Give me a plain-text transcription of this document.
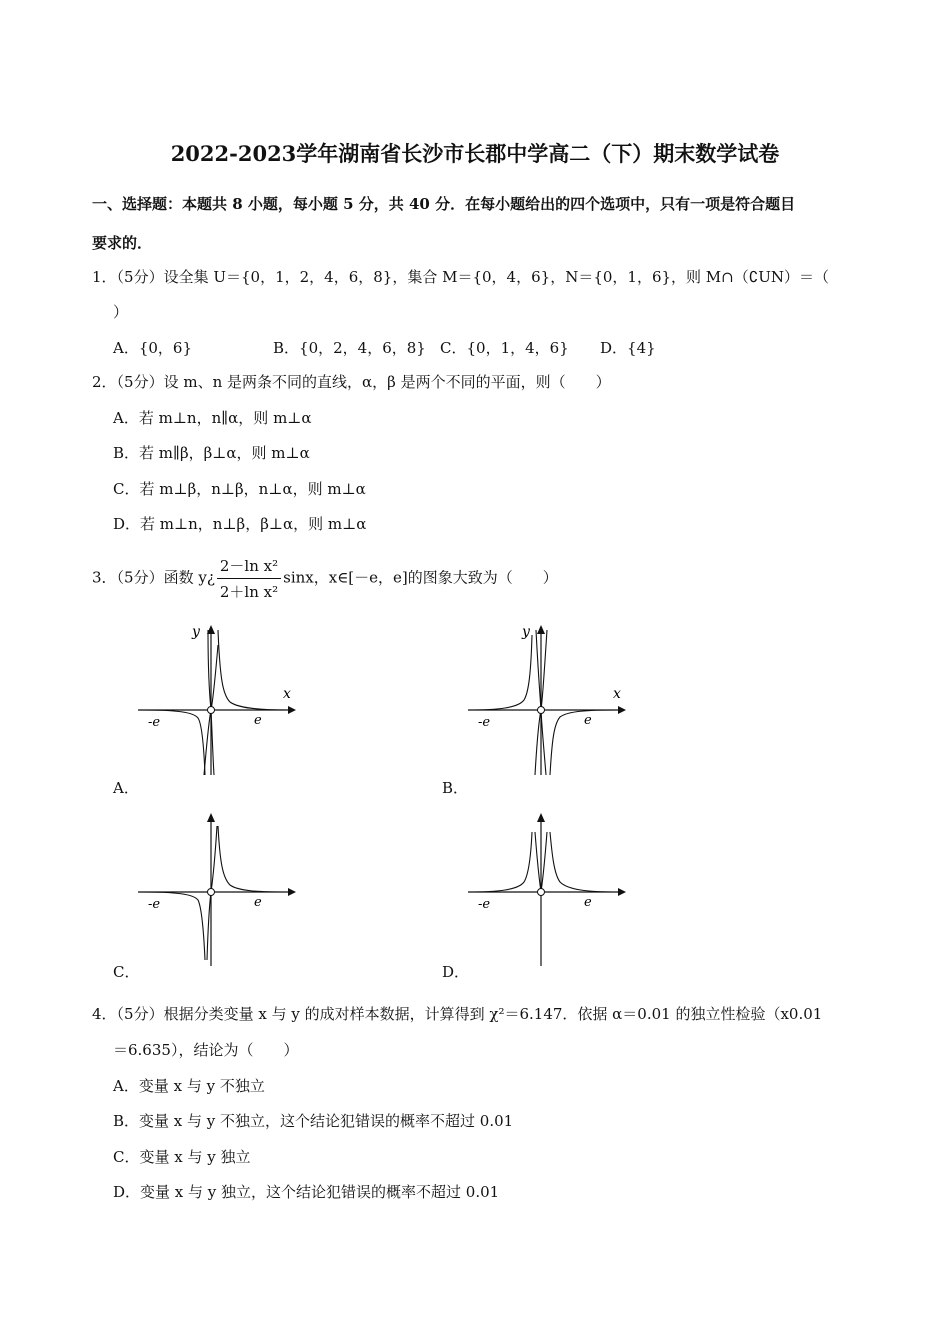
2022-2023学年湖南省长沙市长郡中学高二（下）期末数学试卷
一、选择题：本题共 8 小题，每小题 5 分，共 40 分．在每小题给出的四个选项中，只有一项是符合题目
要求的．
1．（5分）设全集 U＝{0，1，2，4，6，8}，集合 M＝{0，4，6}，N＝{0，1，6}，则 M∩（∁UN）＝（
）
A．{0，6}	B．{0，2，4，6，8} C．{0，1，4，6} D．{4}
2．（5分）设 m、n 是两条不同的直线，α，β 是两个不同的平面，则（　　）
A．若 m⊥n，n∥α，则 m⊥α
B．若 m∥β，β⊥α，则 m⊥α
C．若 m⊥β，n⊥β，n⊥α，则 m⊥α
D．若 m⊥n，n⊥β，β⊥α，则 m⊥α
3．（5分）函数 y¿ $\frac{\text{2－ln x²}}{\text{2＋ln x²}}$ sinx，x∈[－e，e]的图象大致为（　　）
y
x
-e	e
A．
y
x
-e	e
B．
-e	e
C．
-e	e
D．
4．（5分）根据分类变量 x 与 y 的成对样本数据，计算得到 χ²＝6.147．依据 α＝0.01 的独立性检验（x0.01
＝6.635），结论为（　　）
A．变量 x 与 y 不独立
B．变量 x 与 y 不独立，这个结论犯错误的概率不超过 0.01
C．变量 x 与 y 独立
D．变量 x 与 y 独立，这个结论犯错误的概率不超过 0.01
